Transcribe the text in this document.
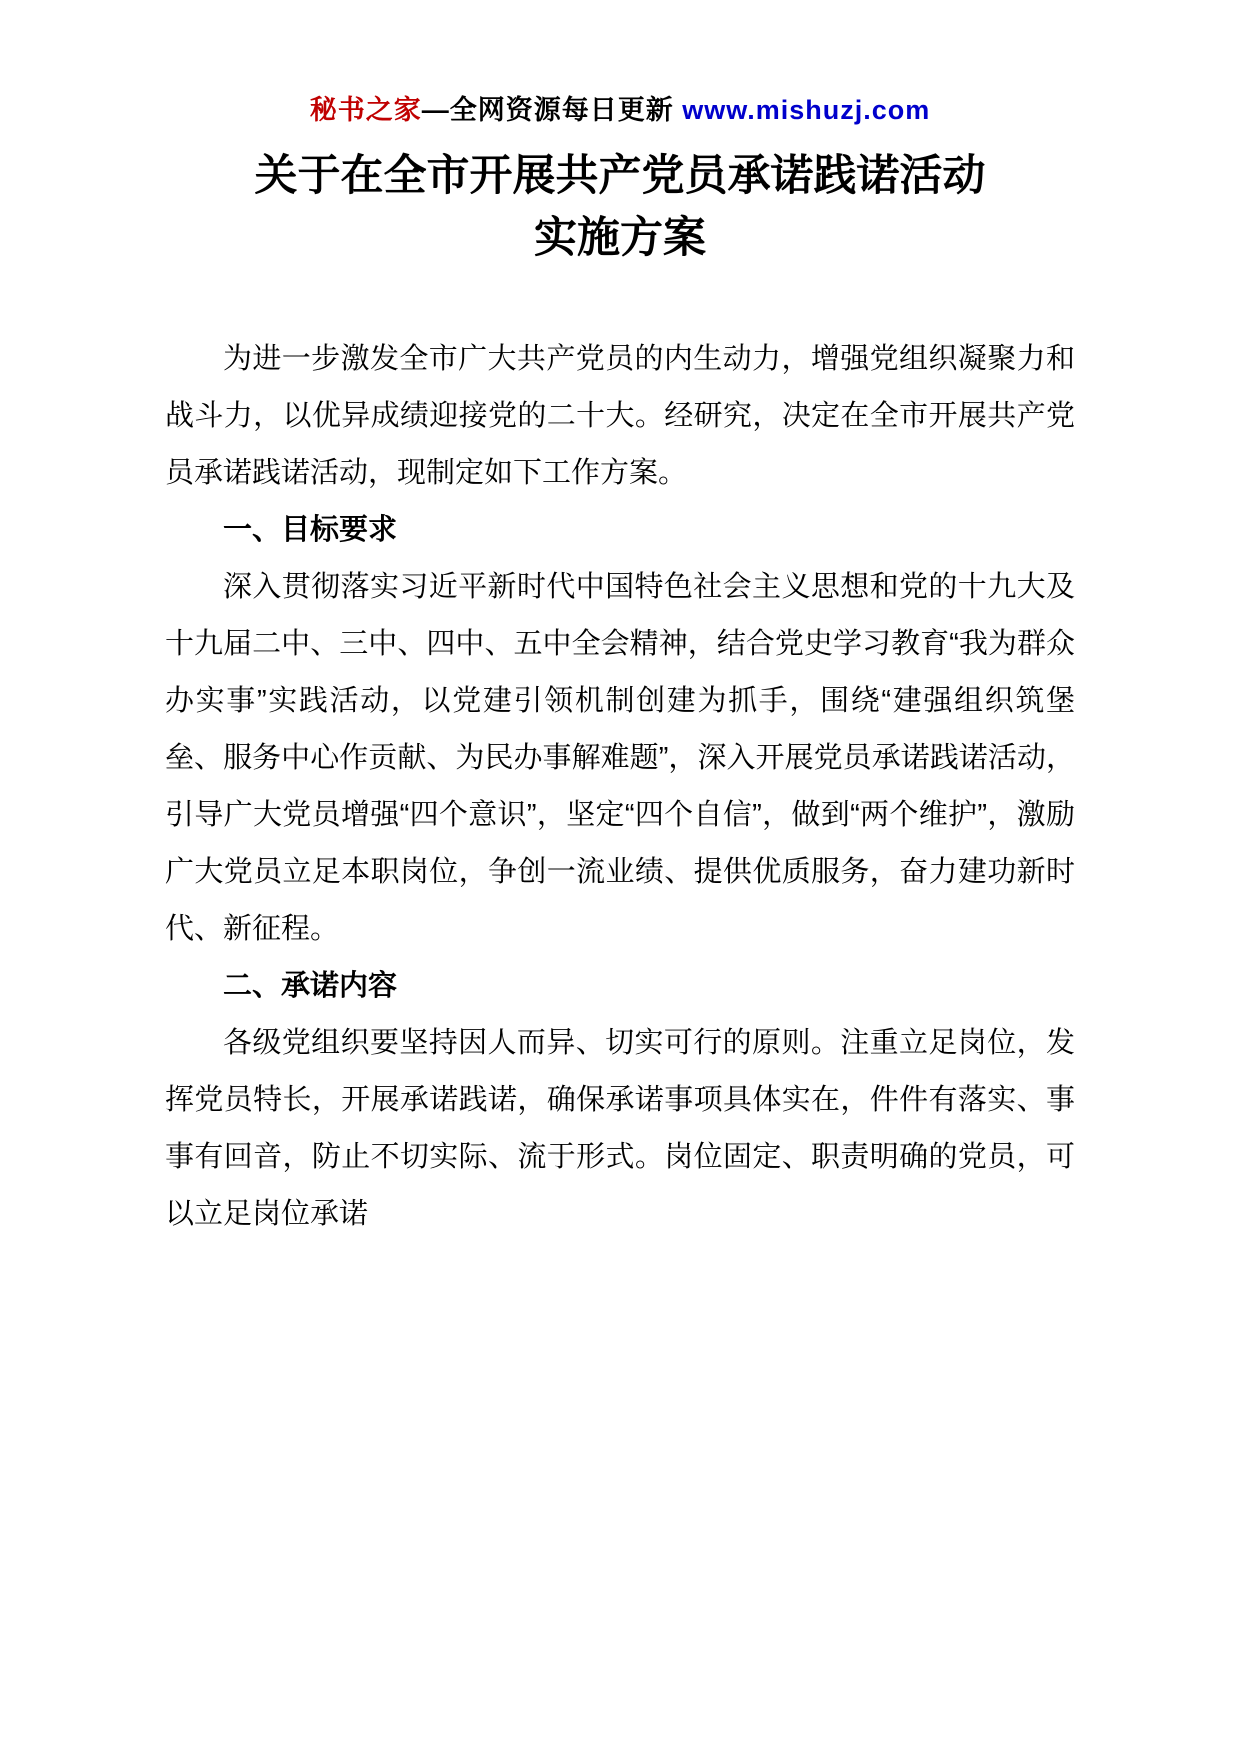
秘书之家—全网资源每日更新 www.mishuzj.com
关于在全市开展共产党员承诺践诺活动
实施方案

为进一步激发全市广大共产党员的内生动力，增强党组织凝聚力和战斗力，以优异成绩迎接党的二十大。经研究，决定在全市开展共产党员承诺践诺活动，现制定如下工作方案。

一、目标要求

深入贯彻落实习近平新时代中国特色社会主义思想和党的十九大及十九届二中、三中、四中、五中全会精神，结合党史学习教育“我为群众办实事”实践活动，以党建引领机制创建为抓手，围绕“建强组织筑堡垒、服务中心作贡献、为民办事解难题”，深入开展党员承诺践诺活动，引导广大党员增强“四个意识”，坚定“四个自信”，做到“两个维护”，激励广大党员立足本职岗位，争创一流业绩、提供优质服务，奋力建功新时代、新征程。

二、承诺内容

各级党组织要坚持因人而异、切实可行的原则。注重立足岗位，发挥党员特长，开展承诺践诺，确保承诺事项具体实在，件件有落实、事事有回音，防止不切实际、流于形式。岗位固定、职责明确的党员，可以立足岗位承诺
